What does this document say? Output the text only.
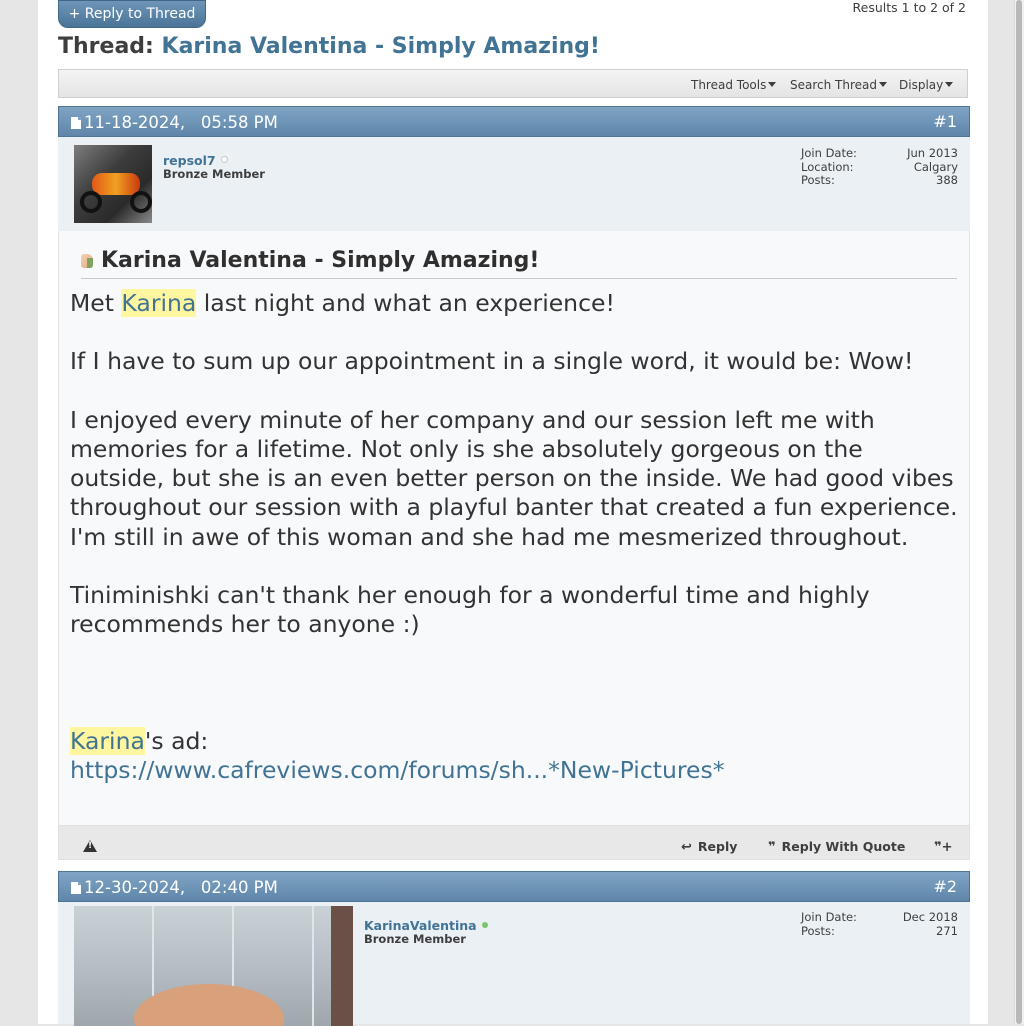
+ Reply to Thread	Results 1 to 2 of 2
Thread: Karina Valentina - Simply Amazing!
Thread Tools	Search Thread	Display
11-18-2024, 05:58 PM	#1
repsol7
Bronze Member
Join Date:	Jun 2013
Location:	Calgary
Posts:	388
Karina Valentina - Simply Amazing!
Met Karina last night and what an experience!

If I have to sum up our appointment in a single word, it would be: Wow!

I enjoyed every minute of her company and our session left me with memories for a lifetime. Not only is she absolutely gorgeous on the outside, but she is an even better person on the inside. We had good vibes throughout our session with a playful banter that created a fun experience. I'm still in awe of this woman and she had me mesmerized throughout.

Tiniminishki can't thank her enough for a wonderful time and highly recommends her to anyone :)

Karina's ad:
https://www.cafreviews.com/forums/sh...*New-Pictures*
!
↩ Reply ❞ Reply With Quote ❞+
12-30-2024, 02:40 PM	#2
KarinaValentina
Bronze Member
Join Date:	Dec 2018
Posts:	271
